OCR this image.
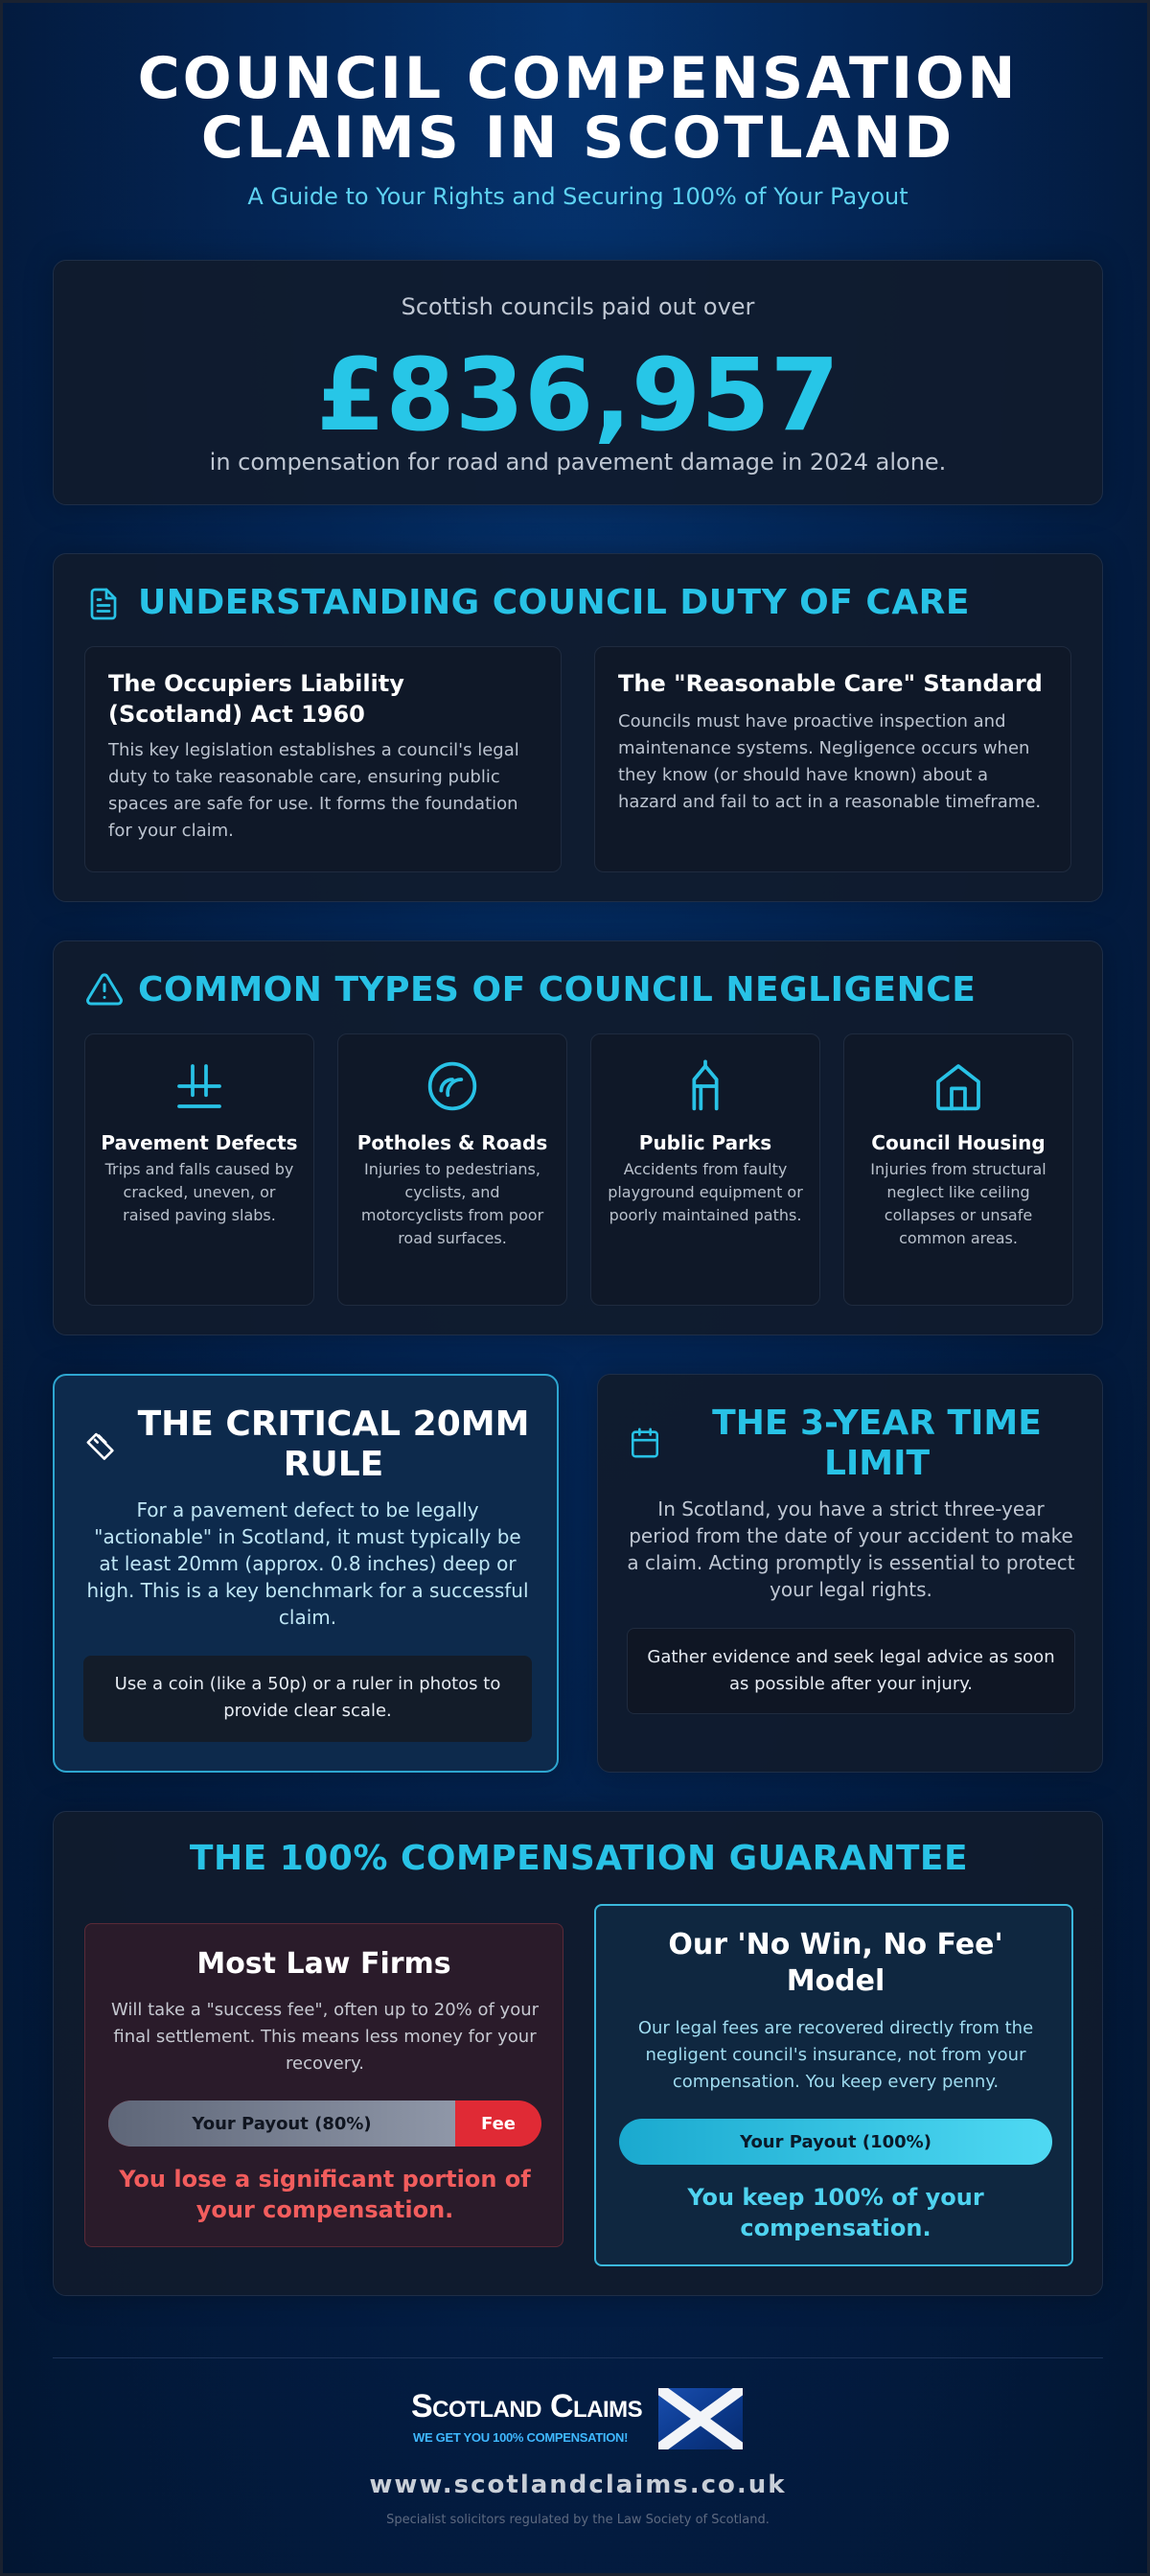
COUNCIL COMPENSATION
CLAIMS IN SCOTLAND
A Guide to Your Rights and Securing 100% of Your Payout
Scottish councils paid out over
£836,957
in compensation for road and pavement damage in 2024 alone.
UNDERSTANDING COUNCIL DUTY OF CARE
The Occupiers Liability (Scotland) Act 1960

This key legislation establishes a council's legal duty to take reasonable care, ensuring public spaces are safe for use. It forms the foundation for your claim.

The "Reasonable Care" Standard

Councils must have proactive inspection and maintenance systems. Negligence occurs when they know (or should have known) about a hazard and fail to act in a reasonable timeframe.

COMMON TYPES OF COUNCIL NEGLIGENCE
Pavement Defects

Trips and falls caused by cracked, uneven, or raised paving slabs.

Potholes & Roads

Injuries to pedestrians, cyclists, and motorcyclists from poor road surfaces.

Public Parks

Accidents from faulty playground equipment or poorly maintained paths.

Council Housing

Injuries from structural neglect like ceiling collapses or unsafe common areas.

THE CRITICAL 20MM RULE
For a pavement defect to be legally "actionable" in Scotland, it must typically be at least 20mm (approx. 0.8 inches) deep or high. This is a key benchmark for a successful claim.
Use a coin (like a 50p) or a ruler in photos to provide clear scale.
THE 3-YEAR TIME LIMIT
In Scotland, you have a strict three-year period from the date of your accident to make a claim. Acting promptly is essential to protect your legal rights.
Gather evidence and seek legal advice as soon as possible after your injury.
THE 100% COMPENSATION GUARANTEE
Most Law Firms
Will take a "success fee", often up to 20% of your final settlement. This means less money for your recovery.
Your Payout (80%)	Fee
You lose a significant portion of your compensation.
Our 'No Win, No Fee' Model
Our legal fees are recovered directly from the negligent council's insurance, not from your compensation. You keep every penny.
Your Payout (100%)
You keep 100% of your compensation.
Scotland Claims
WE GET YOU 100% COMPENSATION!
www.scotlandclaims.co.uk
Specialist solicitors regulated by the Law Society of Scotland.
